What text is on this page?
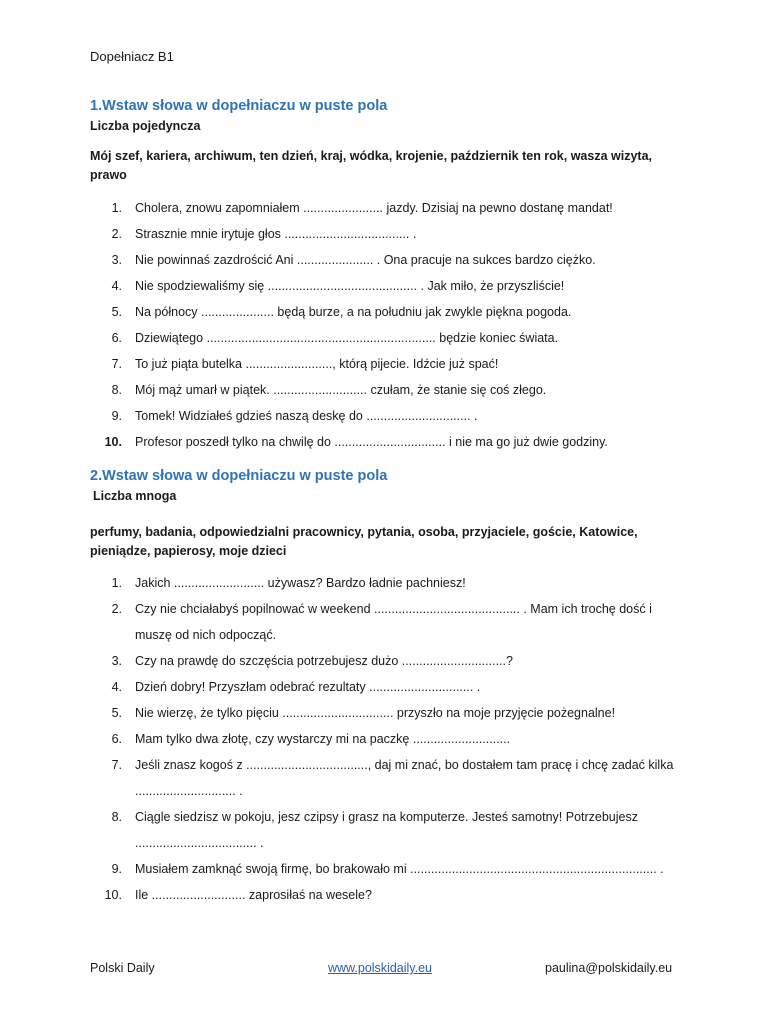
Dopełniacz B1
1.Wstaw słowa w dopełniaczu w puste pola
Liczba pojedyncza

Mój szef, kariera, archiwum, ten dzień, kraj, wódka, krojenie, październik ten rok, wasza wizyta, prawo

1. Cholera, znowu zapomniałem ....................... jazdy. Dzisiaj na pewno dostanę mandat!
2. Strasznie mnie irytuje głos .................................... .
3. Nie powinnaś zazdrościć Ani ...................... . Ona pracuje na sukces bardzo ciężko.
4. Nie spodziewaliśmy się ........................................... . Jak miło, że przyszliście!
5. Na północy ..................... będą burze, a na południu jak zwykle piękna pogoda.
6. Dziewiątego .................................................................. będzie koniec świata.
7. To już piąta butelka ........................., którą pijecie. Idźcie już spać!
8. Mój mąż umarł w piątek. ........................... czułam, że stanie się coś złego.
9. Tomek! Widziałeś gdzieś naszą deskę do .............................. .
10. Profesor poszedł tylko na chwilę do ................................ i nie ma go już dwie godziny.
2.Wstaw słowa w dopełniaczu w puste pola
Liczba mnoga

perfumy, badania, odpowiedzialni pracownicy, pytania, osoba, przyjaciele, goście, Katowice, pieniądze, papierosy, moje dzieci

1. Jakich .......................... używasz? Bardzo ładnie pachniesz!
2. Czy nie chciałabyś popilnować w weekend .......................................... . Mam ich trochę dość i muszę od nich odpocząć.
3. Czy na prawdę do szczęścia potrzebujesz dużo ..............................?
4. Dzień dobry! Przyszłam odebrać rezultaty .............................. .
5. Nie wierzę, że tylko pięciu ................................ przyszło na moje przyjęcie pożegnalne!
6. Mam tylko dwa złotę, czy wystarczy mi na paczkę ............................
7. Jeśli znasz kogoś z ..................................., daj mi znać, bo dostałem tam pracę i chcę zadać kilka ............................. .
8. Ciągle siedzisz w pokoju, jesz czipsy i grasz na komputerze. Jesteś samotny! Potrzebujesz ................................... .
9. Musiałem zamknąć swoją firmę, bo brakowało mi ....................................................................... .
10. Ile ........................... zaprosiłaś na wesele?
Polski Daily	www.polskidaily.eu	paulina@polskidaily.eu
